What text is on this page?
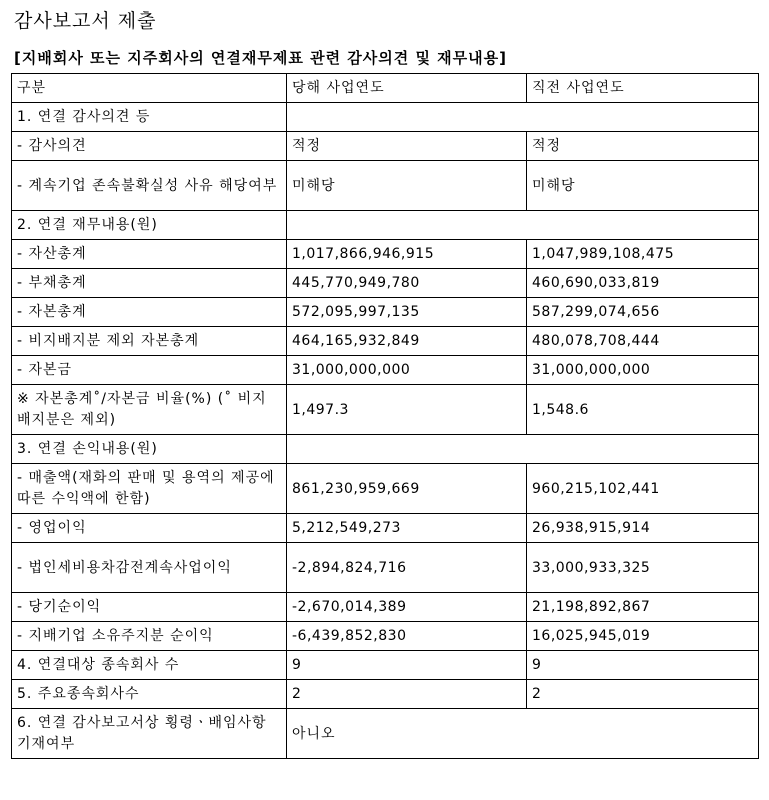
감사보고서 제출
[지배회사 또는 지주회사의 연결재무제표 관련 감사의견 및 재무내용]
구분	당해 사업연도	직전 사업연도
1. 연결 감사의견 등		
- 감사의견	적정	적정
- 계속기업 존속불확실성 사유 해당여부	미해당	미해당
2. 연결 재무내용(원)		
- 자산총계	1,017,866,946,915	1,047,989,108,475
- 부채총계	445,770,949,780	460,690,033,819
- 자본총계	572,095,997,135	587,299,074,656
- 비지배지분 제외 자본총계	464,165,932,849	480,078,708,444
- 자본금	31,000,000,000	31,000,000,000
※ 자본총계˚/자본금 비율(%) (˚ 비지배지분은 제외)	1,497.3	1,548.6
3. 연결 손익내용(원)		
- 매출액(재화의 판매 및 용역의 제공에 따른 수익액에 한함)	861,230,959,669	960,215,102,441
- 영업이익	5,212,549,273	26,938,915,914
- 법인세비용차감전계속사업이익	-2,894,824,716	33,000,933,325
- 당기순이익	-2,670,014,389	21,198,892,867
- 지배기업 소유주지분 순이익	-6,439,852,830	16,025,945,019
4. 연결대상 종속회사 수	9	9
5. 주요종속회사수	2	2
6. 연결 감사보고서상 횡령ㆍ배임사항 기재여부	아니오	
